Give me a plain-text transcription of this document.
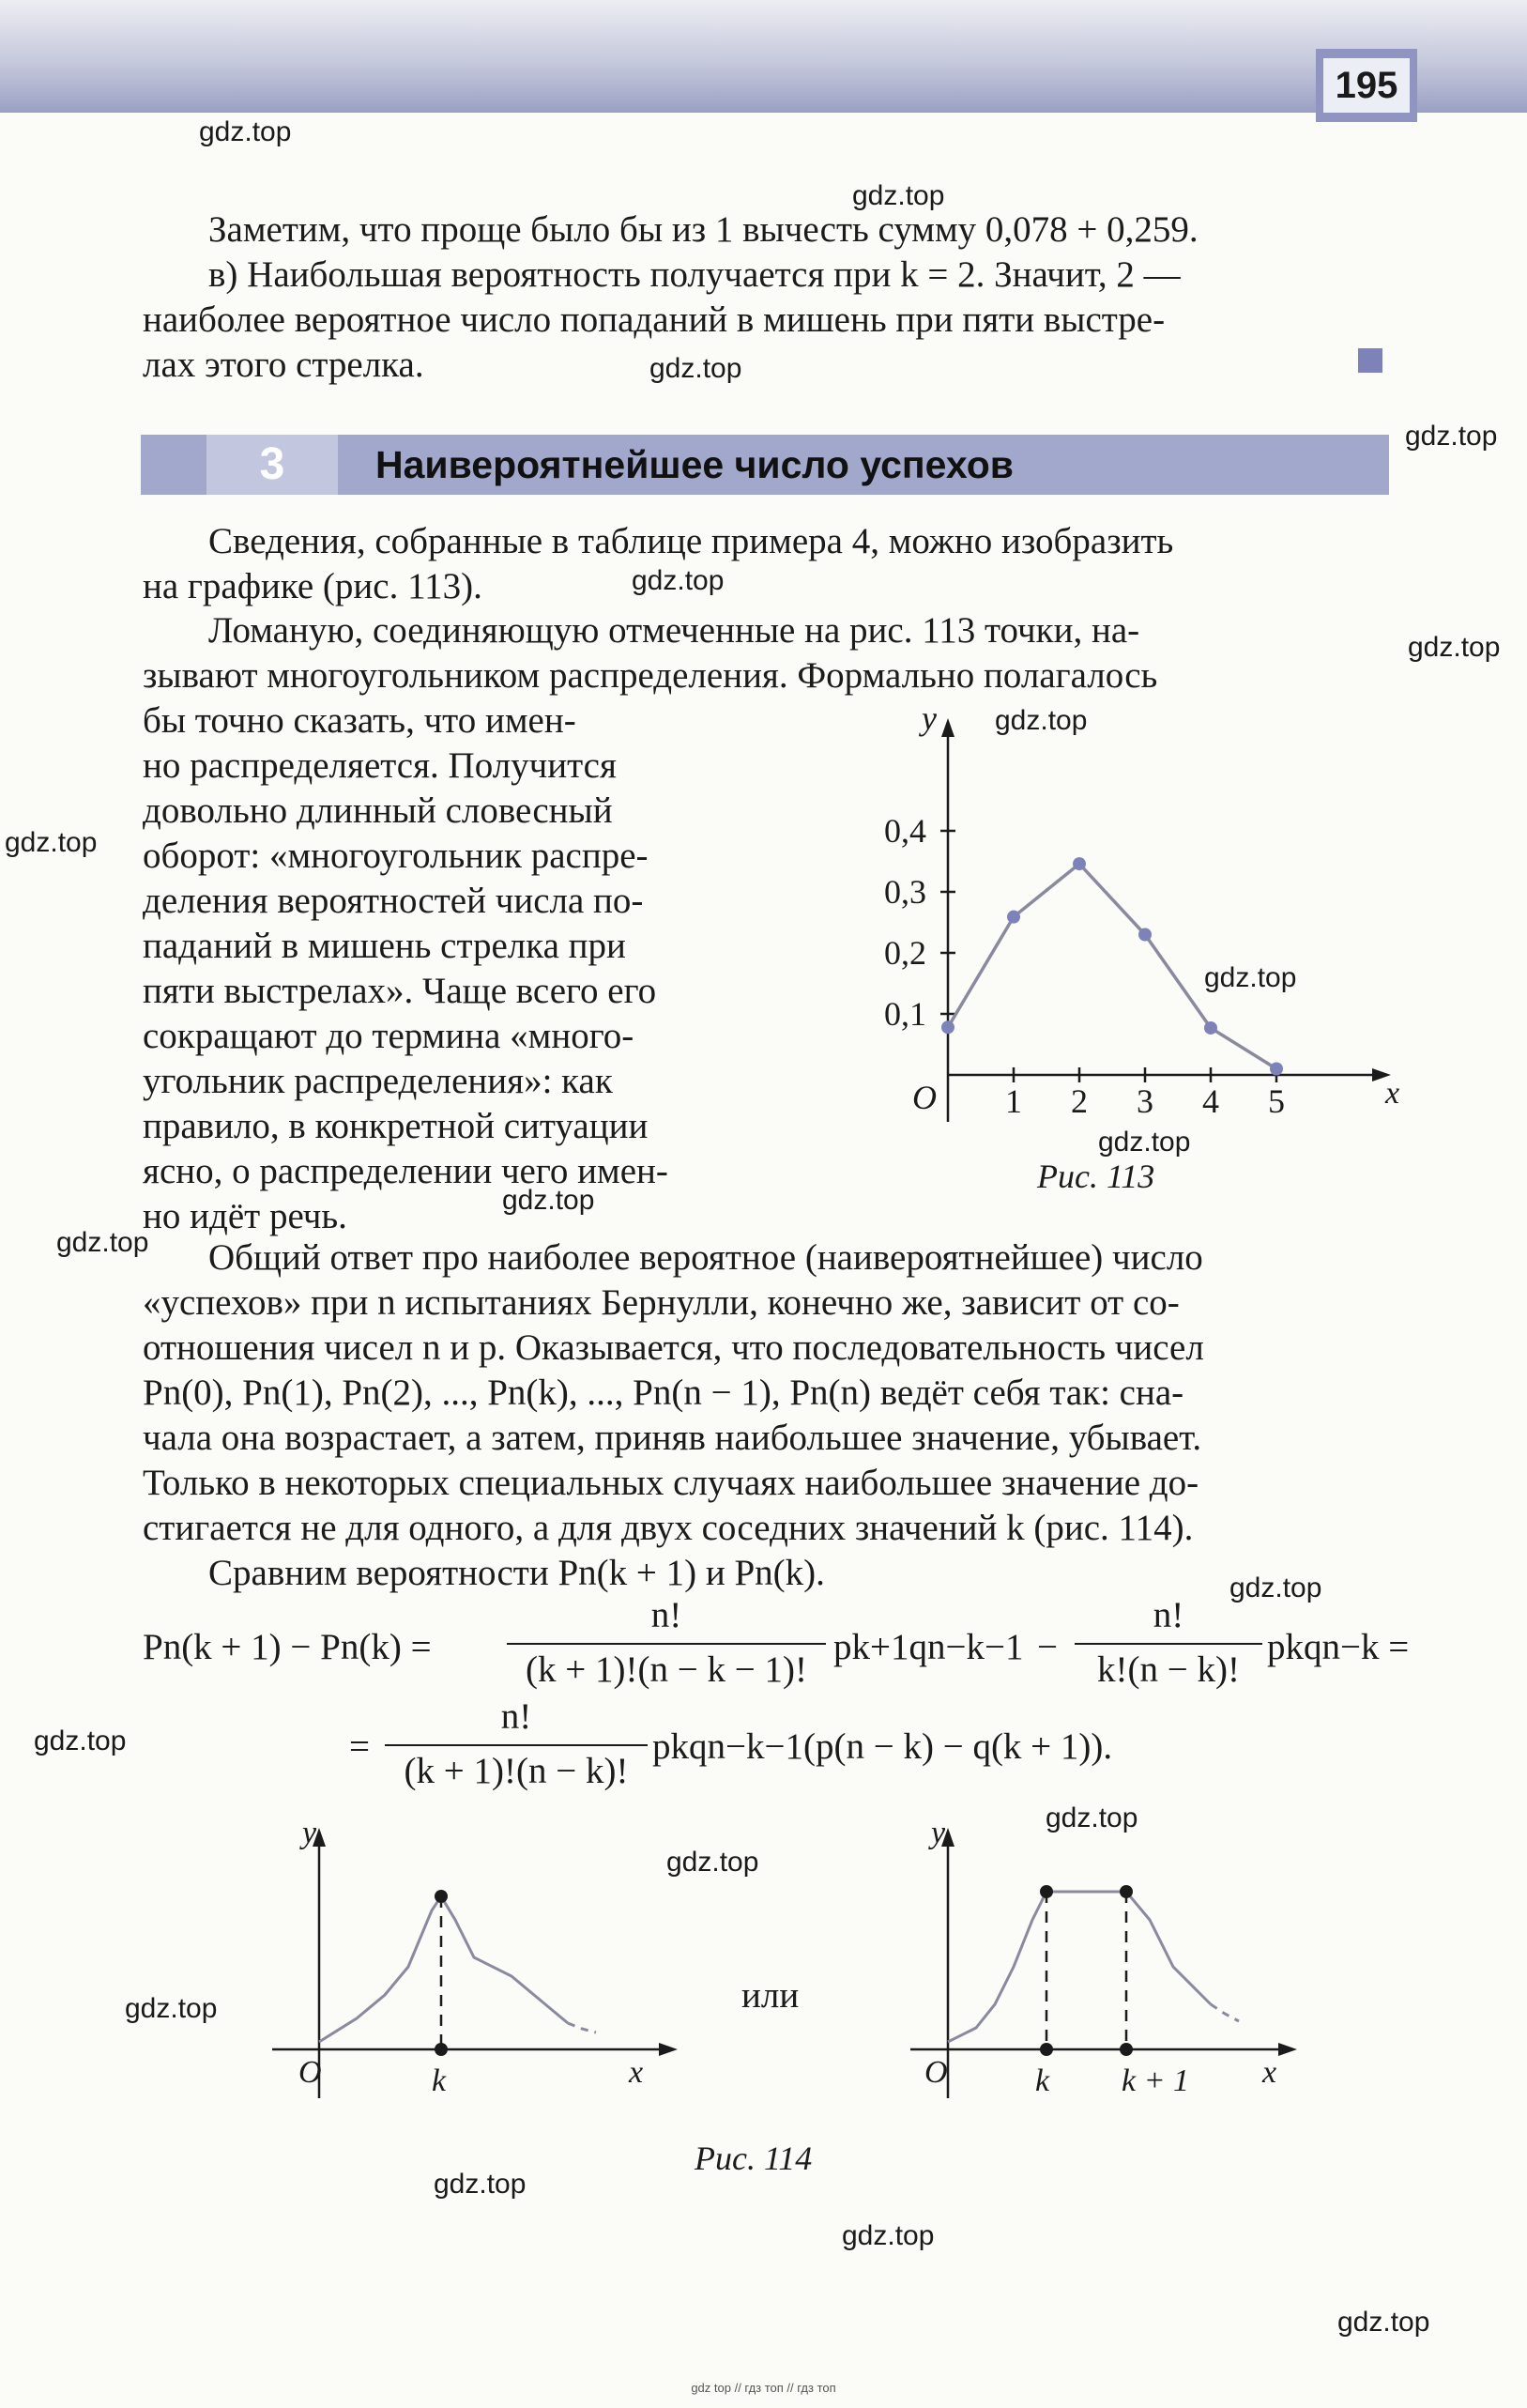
195
Заметим, что проще было бы из 1 вычесть сумму 0,078 + 0,259.
в) Наибольшая вероятность получается при k = 2. Значит, 2 —
наиболее вероятное число попаданий в мишень при пяти выстре-
лах этого стрелка.
3	Наивероятнейшее число успехов
Сведения, собранные в таблице примера 4, можно изобразить
на графике (рис. 113).
Ломаную, соединяющую отмеченные на рис. 113 точки, на-
зывают многоугольником распределения. Формально полагалось
бы точно сказать, что имен-
но распределяется. Получится
довольно длинный словесный
оборот: «многоугольник распре-
деления вероятностей числа по-
паданий в мишень стрелка при
пяти выстрелах». Чаще всего его
сокращают до термина «много-
угольник распределения»: как
правило, в конкретной ситуации
ясно, о распределении чего имен-
но идёт речь.
0,1
0,2
0,3
0,4
1 2 3 4 5
y
x
O
Рис. 113
Общий ответ про наиболее вероятное (наивероятнейшее) число
«успехов» при n испытаниях Бернулли, конечно же, зависит от со-
отношения чисел n и p. Оказывается, что последовательность чисел
Pn(0), Pn(1), Pn(2), ..., Pn(k), ..., Pn(n − 1), Pn(n) ведёт себя так: сна-
чала она возрастает, а затем, приняв наибольшее значение, убывает.
Только в некоторых специальных случаях наибольшее значение до-
стигается не для одного, а для двух соседних значений k (рис. 114).
Сравним вероятности Pn(k + 1) и Pn(k).
Pn(k + 1) − Pn(k) =
n!
(k + 1)!(n − k − 1)!
pk+1qn−k−1 −
n!
k!(n − k)!
pkqn−k =
=
n!
(k + 1)!(n − k)!
pkqn−k−1(p(n − k) − q(k + 1)).
y
x
O	k
или
y
x
O	k k + 1
Рис. 114
gdz.top
gdz.top
gdz.top
gdz.top
gdz.top
gdz.top
gdz.top
gdz.top
gdz.top
gdz.top
gdz.top
gdz.top
gdz.top
gdz.top
gdz.top
gdz.top
gdz.top
gdz.top
gdz.top
gdz.top
gdz top // гдз топ // гдз топ
